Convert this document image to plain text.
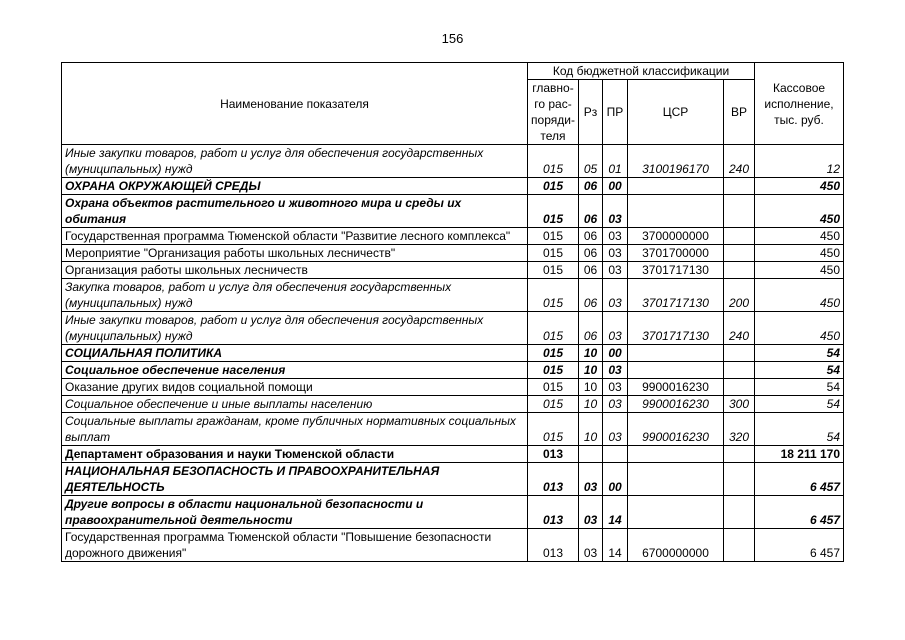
156
Наименование показателя	Код бюджетной классификации					Кассовое исполнение, тыс. руб.
	главно-го рас-поряди-теля	Рз	ПР	ЦСР	ВР	
Иные закупки товаров, работ и услуг для обеспечения государственных (муниципальных) нужд	015	05	01	3100196170	240	12
ОХРАНА ОКРУЖАЮЩЕЙ СРЕДЫ	015	06	00			450
Охрана объектов растительного и животного мира и среды их обитания	015	06	03			450
Государственная программа Тюменской области "Развитие лесного комплекса"	015	06	03	3700000000		450
Мероприятие "Организация работы школьных лесничеств"	015	06	03	3701700000		450
Организация работы школьных лесничеств	015	06	03	3701717130		450
Закупка товаров, работ и услуг для обеспечения государственных (муниципальных) нужд	015	06	03	3701717130	200	450
Иные закупки товаров, работ и услуг для обеспечения государственных (муниципальных) нужд	015	06	03	3701717130	240	450
СОЦИАЛЬНАЯ ПОЛИТИКА	015	10	00			54
Социальное обеспечение населения	015	10	03			54
Оказание других видов социальной помощи	015	10	03	9900016230		54
Социальное обеспечение и иные выплаты населению	015	10	03	9900016230	300	54
Социальные выплаты гражданам, кроме публичных нормативных социальных выплат	015	10	03	9900016230	320	54
Департамент образования и науки Тюменской области	013					18 211 170
НАЦИОНАЛЬНАЯ БЕЗОПАСНОСТЬ И ПРАВООХРАНИТЕЛЬНАЯ ДЕЯТЕЛЬНОСТЬ	013	03	00			6 457
Другие вопросы в области национальной безопасности и правоохранительной деятельности	013	03	14			6 457
Государственная программа Тюменской области "Повышение безопасности дорожного движения"	013	03	14	6700000000		6 457
